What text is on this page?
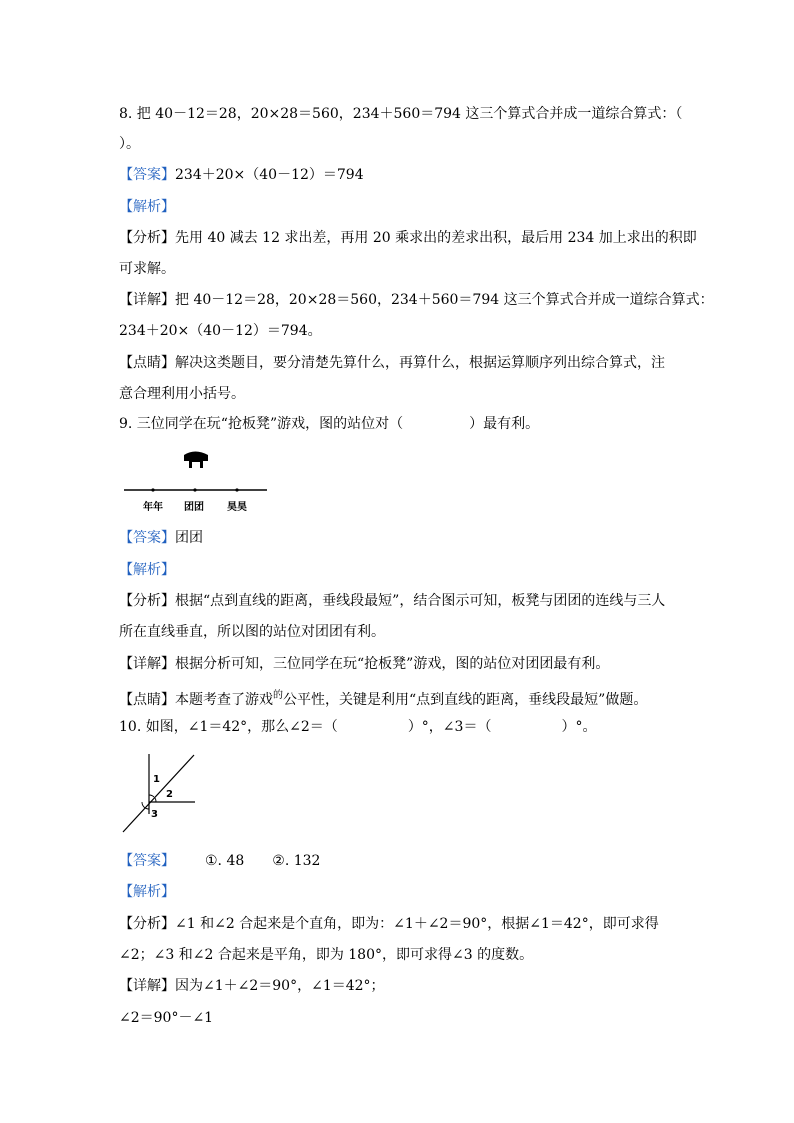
8. 把 40－12＝28，20×28＝560，234＋560＝794 这三个算式合并成一道综合算式：（
）。
【答案】234＋20×（40－12）＝794
【解析】
【分析】先用 40 减去 12 求出差，再用 20 乘求出的差求出积，最后用 234 加上求出的积即
可求解。
【详解】把 40－12＝28，20×28＝560，234＋560＝794 这三个算式合并成一道综合算式：
234＋20×（40－12）＝794。
【点睛】解决这类题目，要分清楚先算什么，再算什么，根据运算顺序列出综合算式，注
意合理利用小括号。
9. 三位同学在玩“抢板凳”游戏，图的站位对（	）最有利。
年年 团团 昊昊
【答案】团团
【解析】
【分析】根据“点到直线的距离，垂线段最短”，结合图示可知，板凳与团团的连线与三人
所在直线垂直，所以图的站位对团团有利。
【详解】根据分析可知，三位同学在玩“抢板凳”游戏，图的站位对团团最有利。
【点睛】本题考查了游戏$^的$公平性，关键是利用“点到直线的距离，垂线段最短”做题。
10. 如图，∠1＝42°，那么∠2＝（	）°，∠3＝（	）°。
1
2
3
【答案】 ①. 48 ②. 132
【解析】
【分析】∠1 和∠2 合起来是个直角，即为：∠1＋∠2＝90°，根据∠1＝42°，即可求得
∠2；∠3 和∠2 合起来是平角，即为 180°，即可求得∠3 的度数。
【详解】因为∠1＋∠2＝90°，∠1＝42°；
∠2＝90°－∠1
